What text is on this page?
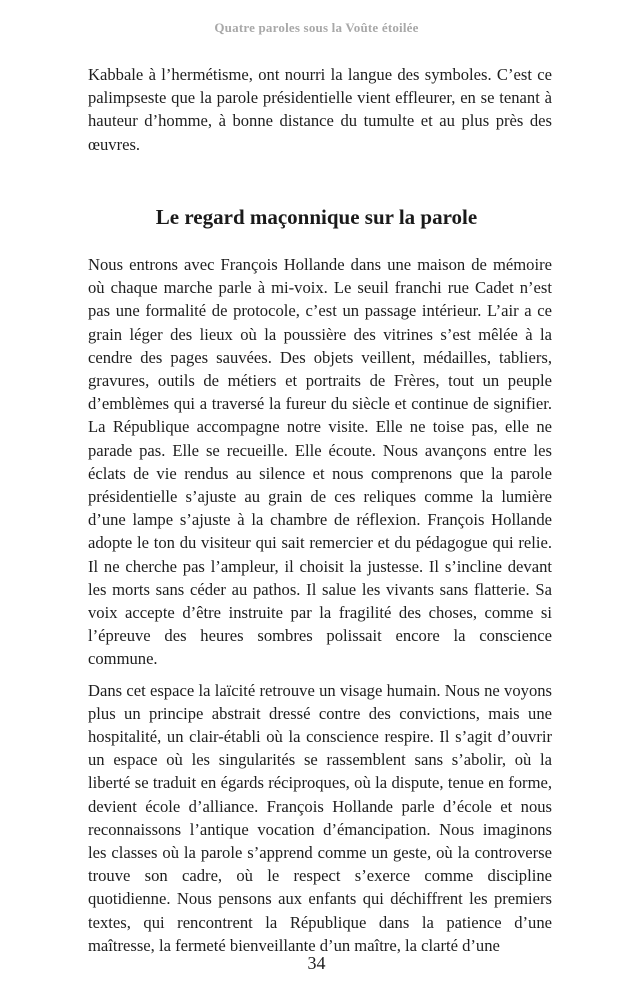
Quatre paroles sous la Voûte étoilée

Kabbale à l’hermétisme, ont nourri la langue des symboles. C’est ce palimpseste que la parole présidentielle vient effleurer, en se tenant à hauteur d’homme, à bonne distance du tumulte et au plus près des œuvres.

Le regard maçonnique sur la parole

Nous entrons avec François Hollande dans une maison de mémoire où chaque marche parle à mi-voix. Le seuil franchi rue Cadet n’est pas une formalité de protocole, c’est un passage intérieur. L’air a ce grain léger des lieux où la poussière des vitrines s’est mêlée à la cendre des pages sauvées. Des objets veillent, médailles, tabliers, gravures, outils de métiers et portraits de Frères, tout un peuple d’emblèmes qui a traversé la fureur du siècle et continue de signifier. La République accompagne notre visite. Elle ne toise pas, elle ne parade pas. Elle se recueille. Elle écoute. Nous avançons entre les éclats de vie rendus au silence et nous comprenons que la parole présidentielle s’ajuste au grain de ces reliques comme la lumière d’une lampe s’ajuste à la chambre de réflexion. François Hollande adopte le ton du visiteur qui sait remercier et du pédagogue qui relie. Il ne cherche pas l’ampleur, il choisit la justesse. Il s’incline devant les morts sans céder au pathos. Il salue les vivants sans flatterie. Sa voix accepte d’être instruite par la fragilité des choses, comme si l’épreuve des heures sombres polissait encore la conscience commune.

Dans cet espace la laïcité retrouve un visage humain. Nous ne voyons plus un principe abstrait dressé contre des convictions, mais une hospitalité, un clair-établi où la conscience respire. Il s’agit d’ouvrir un espace où les singularités se rassemblent sans s’abolir, où la liberté se traduit en égards réciproques, où la dispute, tenue en forme, devient école d’alliance. François Hollande parle d’école et nous reconnaissons l’antique vocation d’émancipation. Nous imaginons les classes où la parole s’apprend comme un geste, où la controverse trouve son cadre, où le respect s’exerce comme discipline quotidienne. Nous pensons aux enfants qui déchiffrent les premiers textes, qui rencontrent la République dans la patience d’une maîtresse, la fermeté bienveillante d’un maître, la clarté d’une

34
